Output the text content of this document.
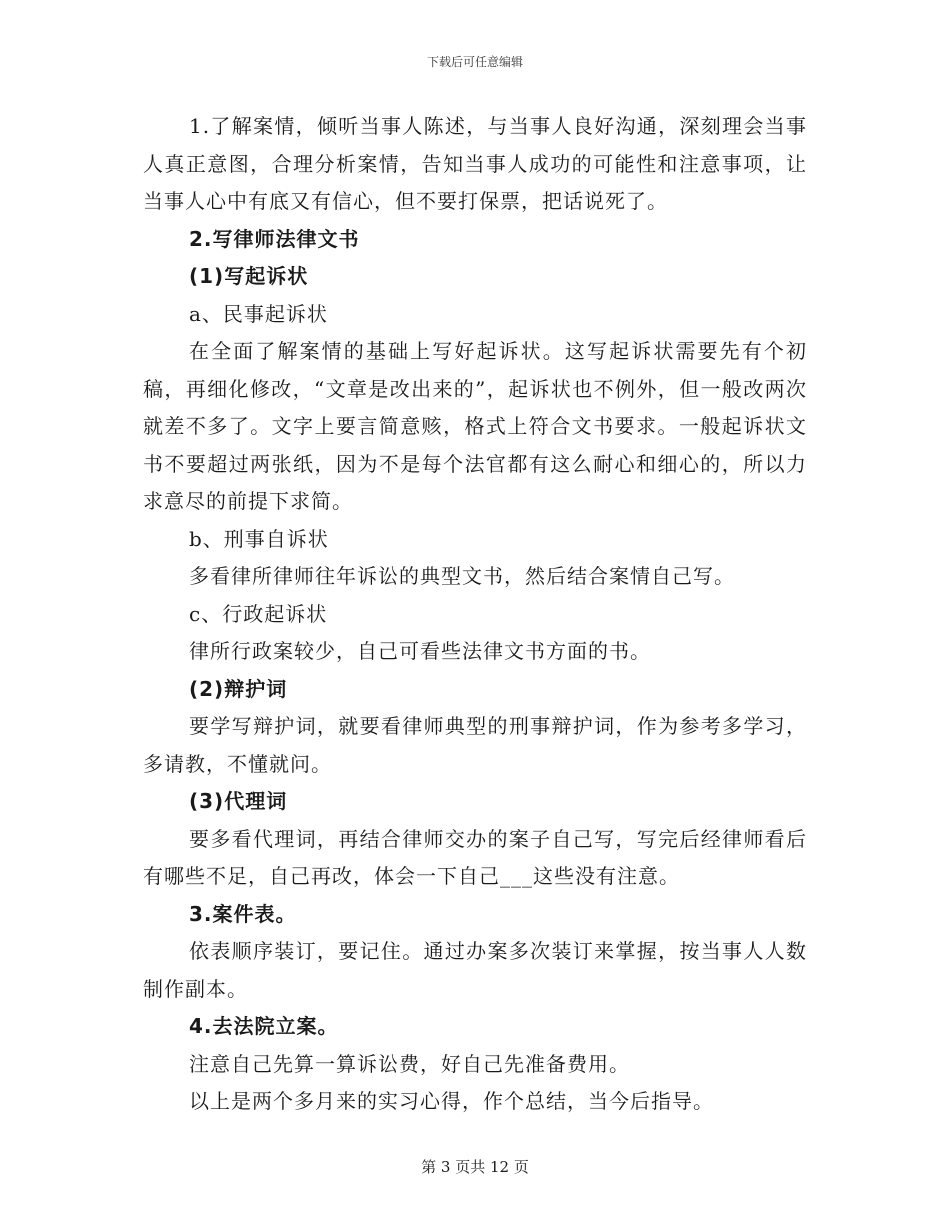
下载后可任意编辑

1.了解案情，倾听当事人陈述，与当事人良好沟通，深刻理会当事人真正意图，合理分析案情，告知当事人成功的可能性和注意事项，让当事人心中有底又有信心，但不要打保票，把话说死了。

2.写律师法律文书

(1)写起诉状

a、民事起诉状

在全面了解案情的基础上写好起诉状。这写起诉状需要先有个初稿，再细化修改，“文章是改出来的”，起诉状也不例外，但一般改两次就差不多了。文字上要言简意赅，格式上符合文书要求。一般起诉状文书不要超过两张纸，因为不是每个法官都有这么耐心和细心的，所以力求意尽的前提下求简。

b、刑事自诉状

多看律所律师往年诉讼的典型文书，然后结合案情自己写。

c、行政起诉状

律所行政案较少，自己可看些法律文书方面的书。

(2)辩护词

要学写辩护词，就要看律师典型的刑事辩护词，作为参考多学习，多请教，不懂就问。

(3)代理词

要多看代理词，再结合律师交办的案子自己写，写完后经律师看后有哪些不足，自己再改，体会一下自己___这些没有注意。

3.案件表。

依表顺序装订，要记住。通过办案多次装订来掌握，按当事人人数制作副本。

4.去法院立案。

注意自己先算一算诉讼费，好自己先准备费用。

以上是两个多月来的实习心得，作个总结，当今后指导。

第 3 页共 12 页
